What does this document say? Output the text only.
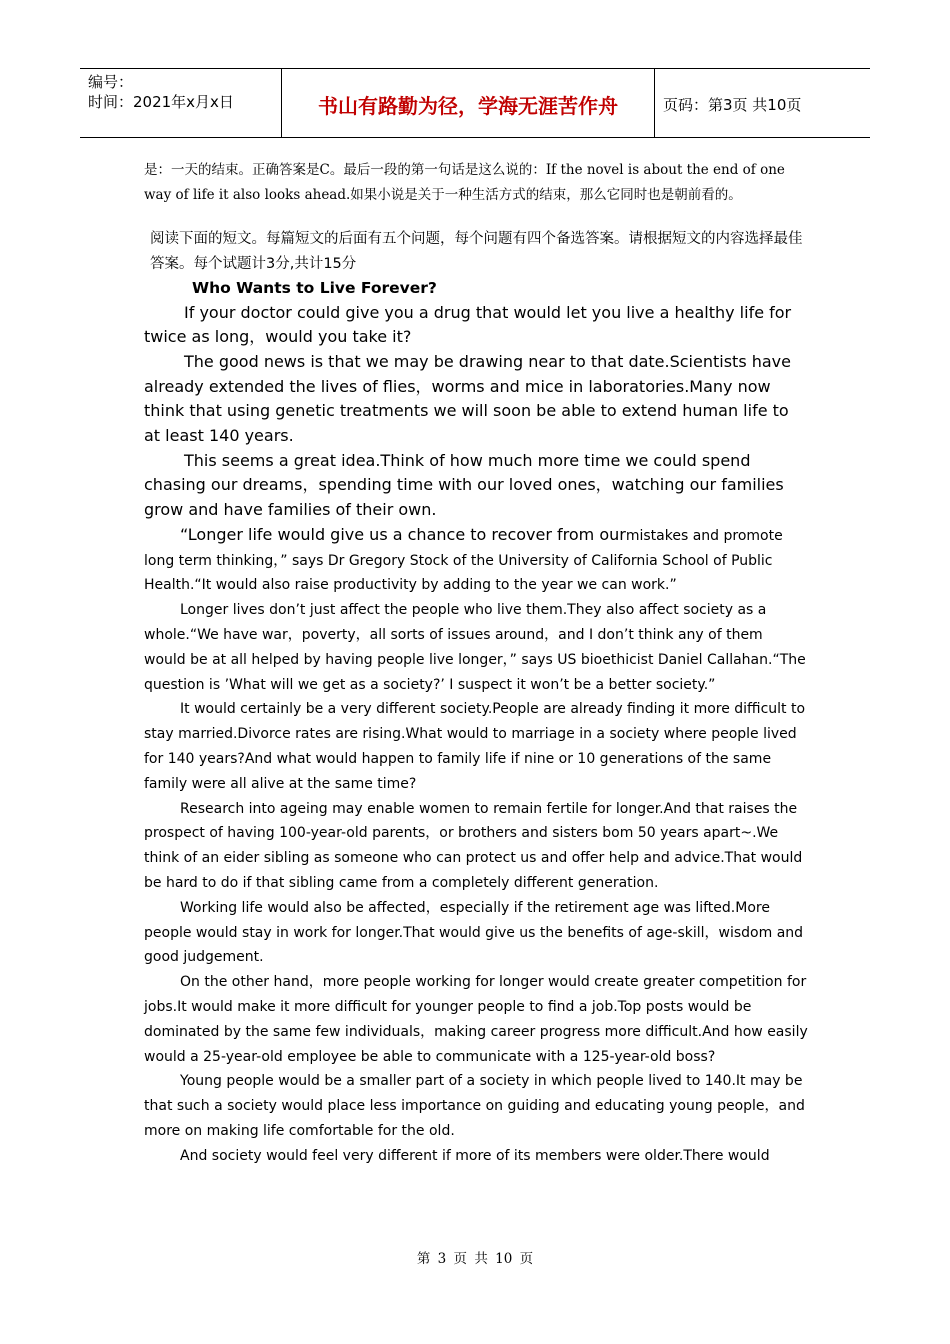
编号：
时间：2021年x月x日	书山有路勤为径，学海无涯苦作舟	页码：第3页 共10页

是：一天的结束。正确答案是C。最后一段的第一句话是这么说的：If the novel is about the end of one way of life it also looks ahead.如果小说是关于一种生活方式的结束，那么它同时也是朝前看的。

阅读下面的短文。每篇短文的后面有五个问题，每个问题有四个备选答案。请根据短文的内容选择最佳答案。每个试题计3分,共计15分

Who Wants to Live Forever?

If your doctor could give you a drug that would let you live a healthy life for twice as long，would you take it?

The good news is that we may be drawing near to that date.Scientists have already extended the lives of flies，worms and mice in laboratories.Many now think that using genetic treatments we will soon be able to extend human life to at least 140 years.

This seems a great idea.Think of how much more time we could spend chasing our dreams，spending time with our loved ones，watching our families grow and have families of their own.

“Longer life would give us a chance to recover from ourmistakes and promote long term thinking，” says Dr Gregory Stock of the University of California School of Public Health.“It would also raise productivity by adding to the year we can work.”

Longer lives don’t just affect the people who live them.They also affect society as a whole.“We have war，poverty，all sorts of issues around，and I don’t think any of them would be at all helped by having people live longer，” says US bioethicist Daniel Callahan.“The question is ’What will we get as a society?’ I suspect it won’t be a better society.”

It would certainly be a very different society.People are already finding it more difficult to stay married.Divorce rates are rising.What would to marriage in a society where people lived for 140 years?And what would happen to family life if nine or 10 generations of the same family were all alive at the same time?

Research into ageing may enable women to remain fertile for longer.And that raises the prospect of having 100-year-old parents，or brothers and sisters bom 50 years apart~.We think of an eider sibling as someone who can protect us and offer help and advice.That would be hard to do if that sibling came from a completely different generation.

Working life would also be affected，especially if the retirement age was lifted.More people would stay in work for longer.That would give us the benefits of age-skill，wisdom and good judgement.

On the other hand，more people working for longer would create greater competition for jobs.It would make it more difficult for younger people to find a job.Top posts would be dominated by the same few individuals，making career progress more difficult.And how easily would a 25-year-old employee be able to communicate with a 125-year-old boss?

Young people would be a smaller part of a society in which people lived to 140.It may be that such a society would place less importance on guiding and educating young people，and more on making life comfortable for the old.

And society would feel very different if more of its members were older.There would

第 3 页 共 10 页
